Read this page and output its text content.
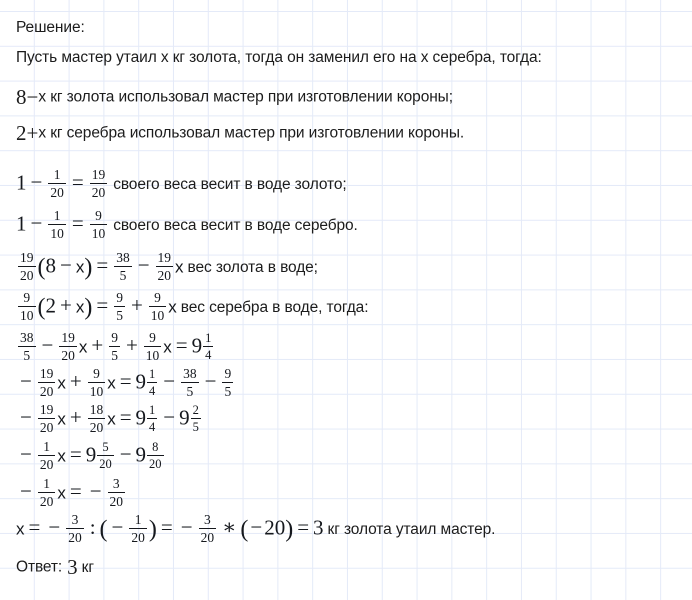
Решение:
Пусть мастер утаил x кг золота, тогда он заменил его на x серебра, тогда:
8−x кг золота использовал мастер при изготовлении короны;
2+x кг серебра использовал мастер при изготовлении короны.
$1 - \frac{1}{20} = \frac{19}{20}$ своего веса весит в воде золото;
$1 - \frac{1}{10} = \frac{9}{10}$ своего веса весит в воде серебро.
$\frac{19}{20} (8 - x) = \frac{38}{5} - \frac{19}{20}$ x вес золота в воде;
$\frac{9}{10} (2 + x) = \frac{9}{5} + \frac{9}{10}$ x вес серебра в воде, тогда:
$\frac{38}{5} - \frac{19}{20}$ $x + \frac{9}{5} + \frac{9}{10}$ $x = 9 \frac{1}{4}$
− $\frac{19}{20}$ $x + \frac{9}{10}$ $x = 9 \frac{1}{4} - \frac{38}{5} - \frac{9}{5}$
− $\frac{19}{20}$ $x + \frac{18}{20}$ $x = 9 \frac{1}{4} - 9 \frac{2}{5}$
− $\frac{1}{20}$ $x = 9 \frac{5}{20} - 9 \frac{8}{20}$
− $\frac{1}{20}$ x = − $\frac{3}{20}$
x = − $\frac{3}{20}$ : ( − $\frac{1}{20}$ ) = − $\frac{3}{20}$ ∗ (−20) = 3 кг золота утаил мастер.
Ответ: 3 кг
